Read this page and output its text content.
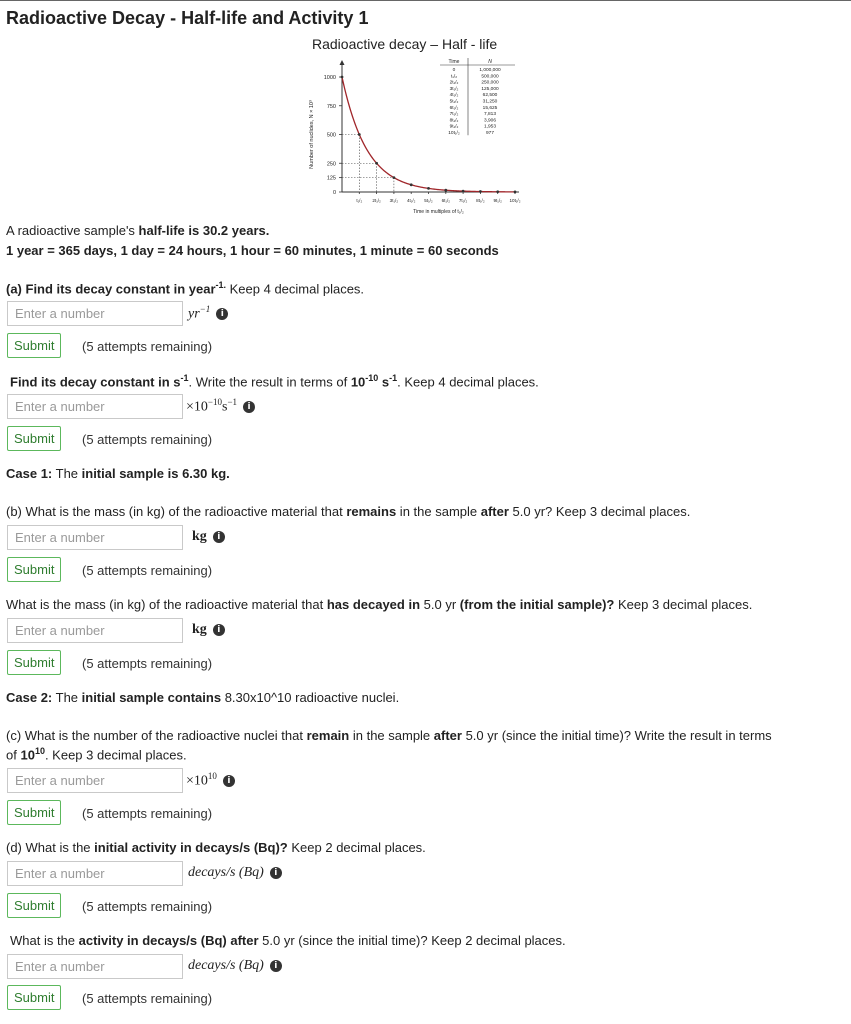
Radioactive Decay - Half-life and Activity 1
Radioactive decay – Half - life
1000
750
500
250
125
0
Number of nuclides, N × 10³
t₁/₂ 2t₁/₂ 3t₁/₂ 4t₁/₂ 5t₁/₂ 6t₁/₂ 7t₁/₂ 8t₁/₂ 9t₁/₂ 10t₁/₂
Time in multiples of t₁/₂
Time	N
0	1,000,000
t₁/₂	500,000
2t₁/₂	250,000
3t₁/₂	125,000
4t₁/₂	62,500
5t₁/₂	31,250
6t₁/₂	15,625
7t₁/₂	7,813
8t₁/₂	3,906
9t₁/₂	1,953
10t₁/₂	977
A radioactive sample's half-life is 30.2 years.
1 year = 365 days, 1 day = 24 hours, 1 hour = 60 minutes, 1 minute = 60 seconds
(a) Find its decay constant in year$^{-1.}$ Keep 4 decimal places.
Enter a number
$yr^{-1}i$
Submit	(5 attempts remaining)
Find its decay constant in $s^{-1}$. Write the result in terms of $10^{-10}$ $s^{-1}$. Keep 4 decimal places.
Enter a number
$\times 10^{-10}s^{-1}i$
Submit	(5 attempts remaining)
Case 1: The initial sample is 6.30 kg.
(b) What is the mass (in kg) of the radioactive material that remains in the sample after 5.0 yr? Keep 3 decimal places.
Enter a number
kg i
Submit	(5 attempts remaining)
What is the mass (in kg) of the radioactive material that has decayed in 5.0 yr (from the initial sample)? Keep 3 decimal places.
Enter a number
kg i
Submit	(5 attempts remaining)
Case 2: The initial sample contains 8.30x10^10 radioactive nuclei.
(c) What is the number of the radioactive nuclei that remain in the sample after 5.0 yr (since the initial time)? Write the result in terms
of $10^{10}$. Keep 3 decimal places.
Enter a number
$\times 10^{10}i$
Submit	(5 attempts remaining)
(d) What is the initial activity in decays/s (Bq)? Keep 2 decimal places.
Enter a number
decays/s (Bq) i
Submit	(5 attempts remaining)
What is the activity in decays/s (Bq) after 5.0 yr (since the initial time)? Keep 2 decimal places.
Enter a number
decays/s (Bq) i
Submit	(5 attempts remaining)
